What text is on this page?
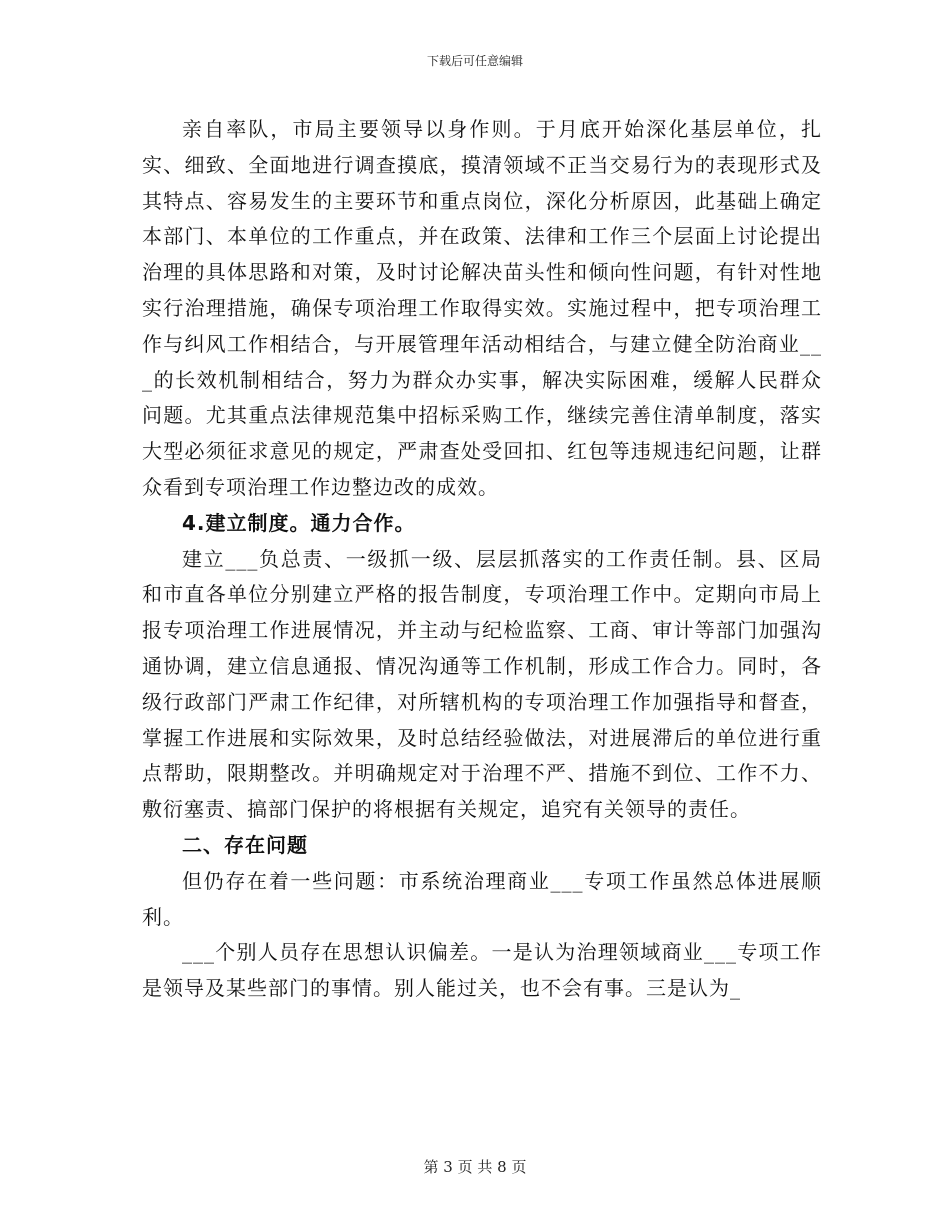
下载后可任意编辑

亲自率队，市局主要领导以身作则。于月底开始深化基层单位，扎实、细致、全面地进行调查摸底，摸清领域不正当交易行为的表现形式及其特点、容易发生的主要环节和重点岗位，深化分析原因，此基础上确定本部门、本单位的工作重点，并在政策、法律和工作三个层面上讨论提出治理的具体思路和对策，及时讨论解决苗头性和倾向性问题，有针对性地实行治理措施，确保专项治理工作取得实效。实施过程中，把专项治理工作与纠风工作相结合，与开展管理年活动相结合，与建立健全防治商业___的长效机制相结合，努力为群众办实事，解决实际困难，缓解人民群众问题。尤其重点法律规范集中招标采购工作，继续完善住清单制度，落实大型必须征求意见的规定，严肃查处受回扣、红包等违规违纪问题，让群众看到专项治理工作边整边改的成效。

4.建立制度。通力合作。

建立___负总责、一级抓一级、层层抓落实的工作责任制。县、区局和市直各单位分别建立严格的报告制度，专项治理工作中。定期向市局上报专项治理工作进展情况，并主动与纪检监察、工商、审计等部门加强沟通协调，建立信息通报、情况沟通等工作机制，形成工作合力。同时，各级行政部门严肃工作纪律，对所辖机构的专项治理工作加强指导和督查，掌握工作进展和实际效果，及时总结经验做法，对进展滞后的单位进行重点帮助，限期整改。并明确规定对于治理不严、措施不到位、工作不力、敷衍塞责、搞部门保护的将根据有关规定，追究有关领导的责任。

二、存在问题

但仍存在着一些问题：市系统治理商业___专项工作虽然总体进展顺利。

___个别人员存在思想认识偏差。一是认为治理领域商业___专项工作是领导及某些部门的事情。别人能过关，也不会有事。三是认为_

第 3 页 共 8 页
